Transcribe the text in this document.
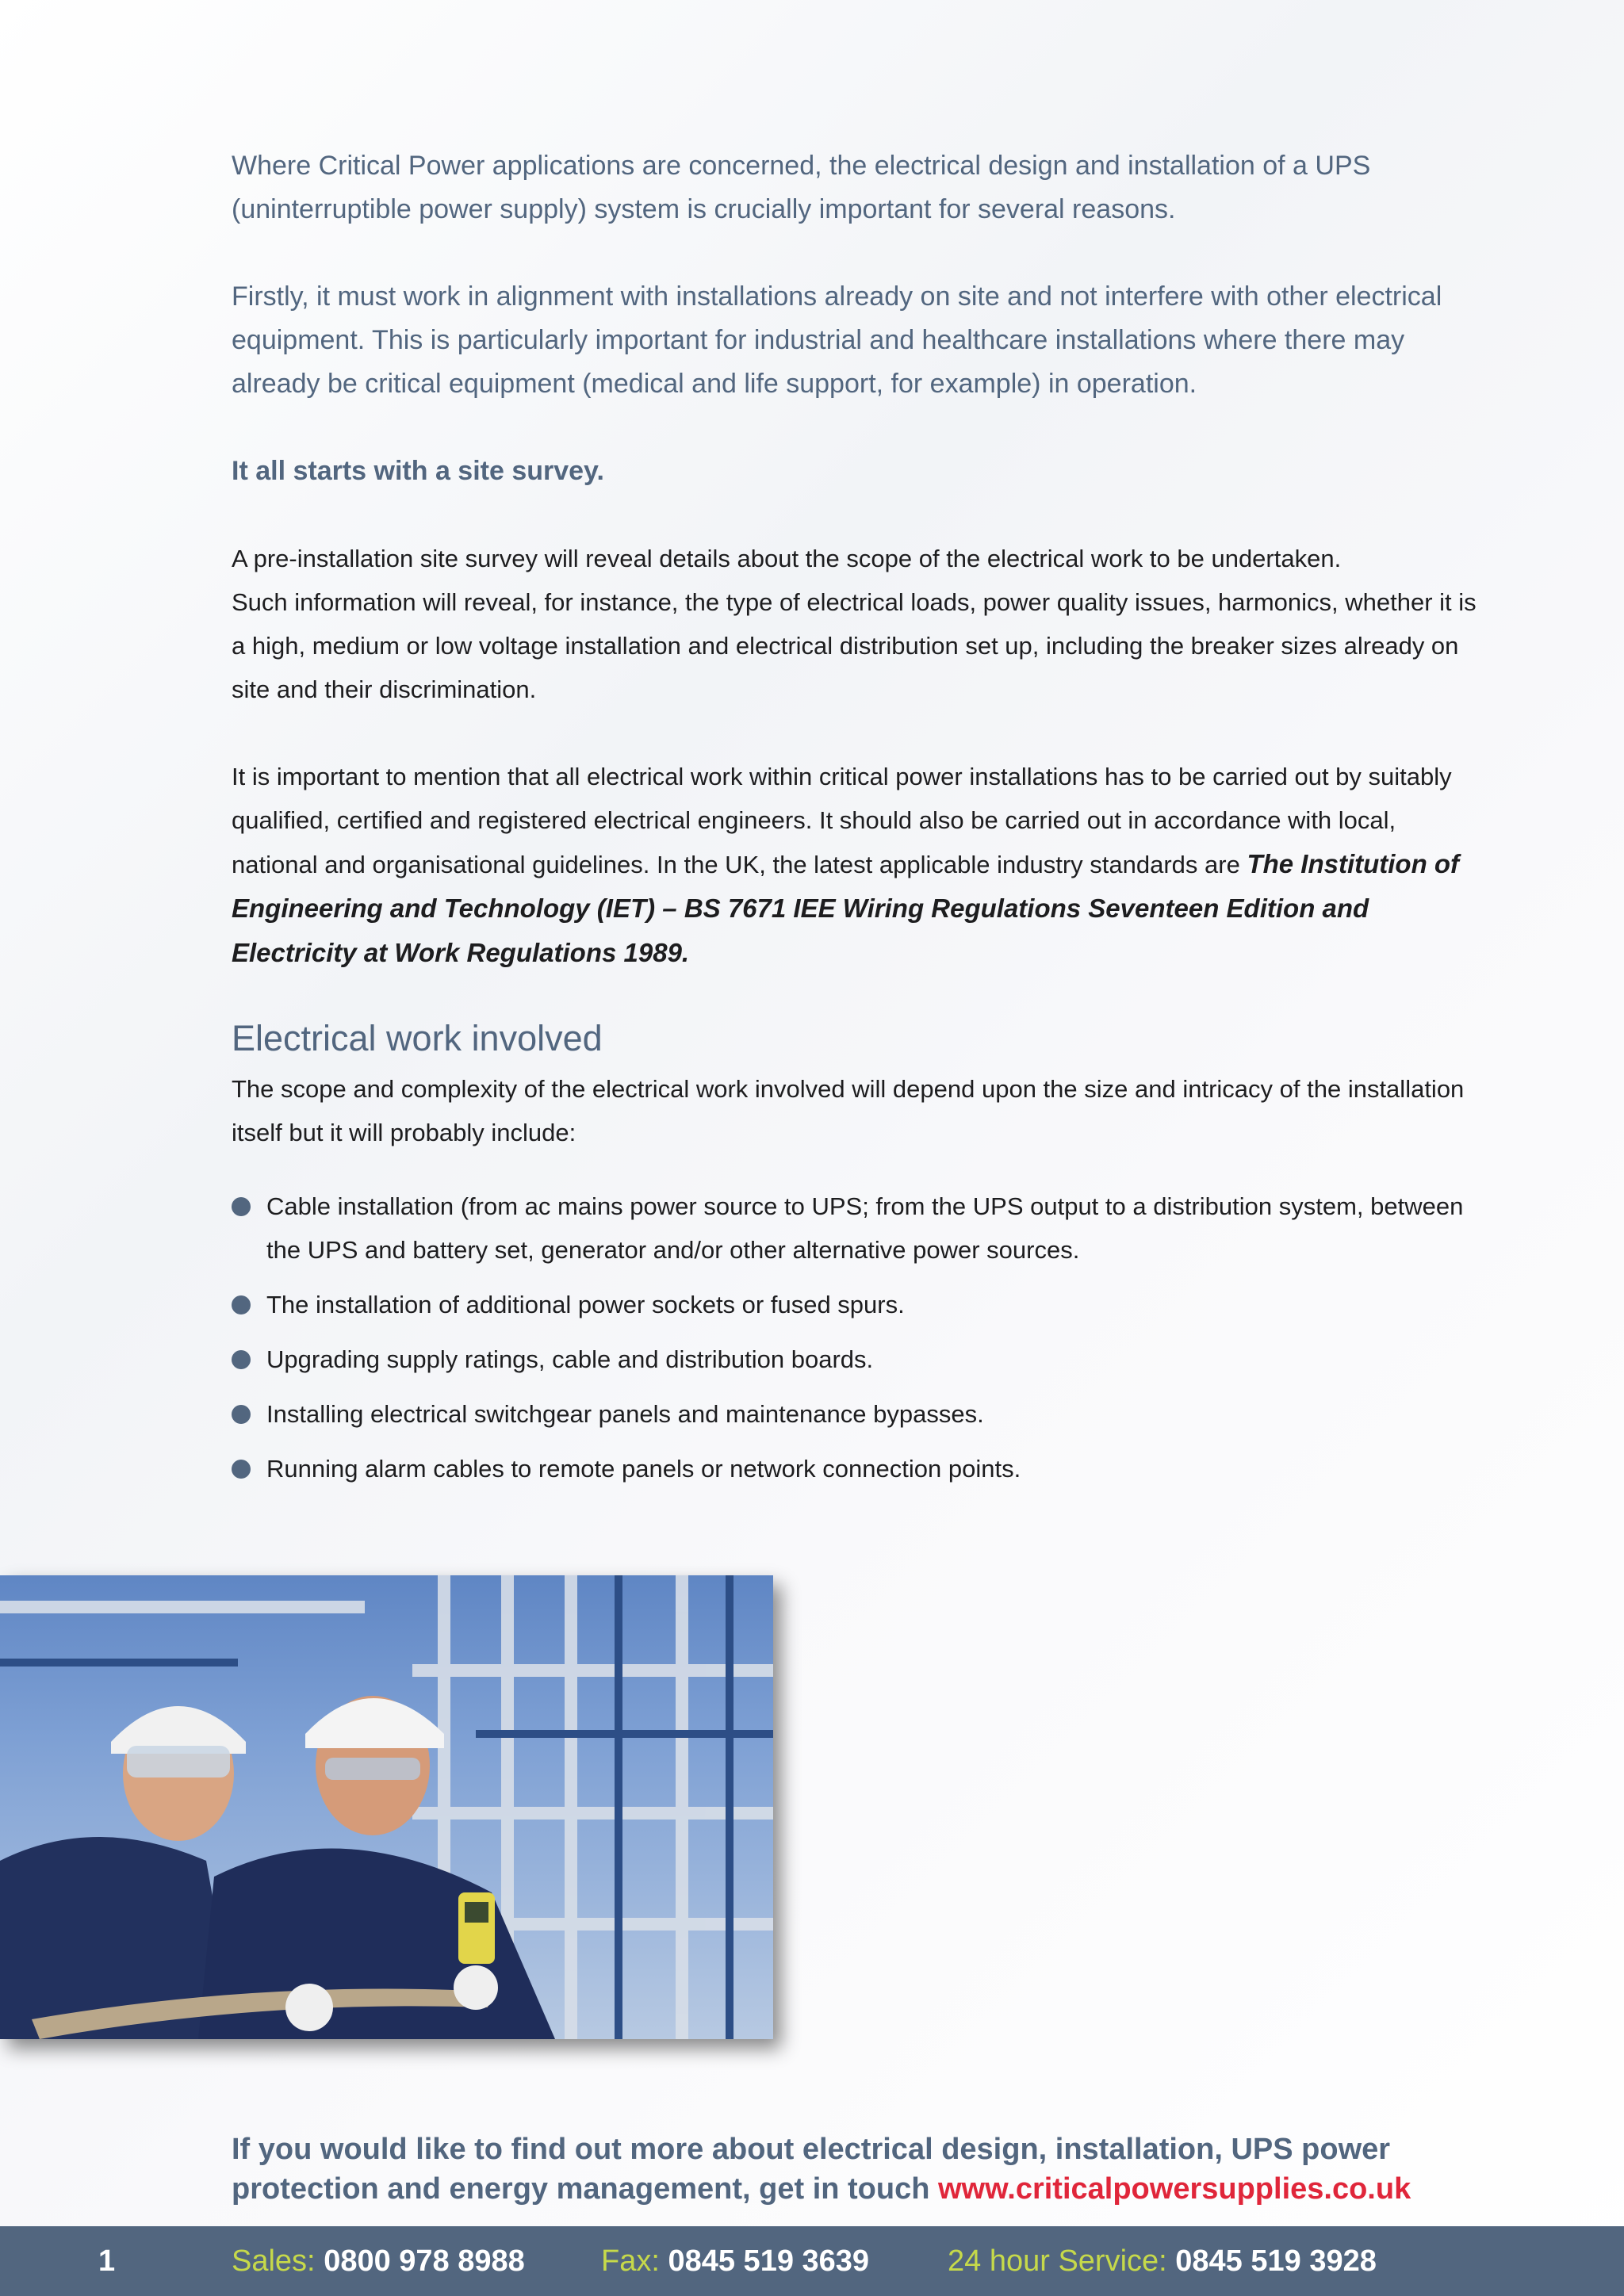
Where Critical Power applications are concerned, the electrical design and installation of a UPS (uninterruptible power supply) system is crucially important for several reasons.

Firstly, it must work in alignment with installations already on site and not interfere with other electrical equipment. This is particularly important for industrial and healthcare installations where there may already be critical equipment (medical and life support, for example) in operation.

It all starts with a site survey.

A pre-installation site survey will reveal details about the scope of the electrical work to be undertaken.
Such information will reveal, for instance, the type of electrical loads, power quality issues, harmonics, whether it is a high, medium or low voltage installation and electrical distribution set up, including the breaker sizes already on site and their discrimination.

It is important to mention that all electrical work within critical power installations has to be carried out by suitably qualified, certified and registered electrical engineers. It should also be carried out in accordance with local, national and organisational guidelines. In the UK, the latest applicable industry standards are The Institution of Engineering and Technology (IET) – BS 7671 IEE Wiring Regulations Seventeen Edition and Electricity at Work Regulations 1989.

Electrical work involved

The scope and complexity of the electrical work involved will depend upon the size and intricacy of the installation itself but it will probably include:

Cable installation (from ac mains power source to UPS; from the UPS output to a distribution system, between the UPS and battery set, generator and/or other alternative power sources.
The installation of additional power sockets or fused spurs.
Upgrading supply ratings, cable and distribution boards.
Installing electrical switchgear panels and maintenance bypasses.
Running alarm cables to remote panels or network connection points.

If you would like to find out more about electrical design, installation, UPS power protection and energy management, get in touch www.criticalpowersupplies.co.uk

1	Sales: 0800 978 8988	Fax: 0845 519 3639	24 hour Service: 0845 519 3928
